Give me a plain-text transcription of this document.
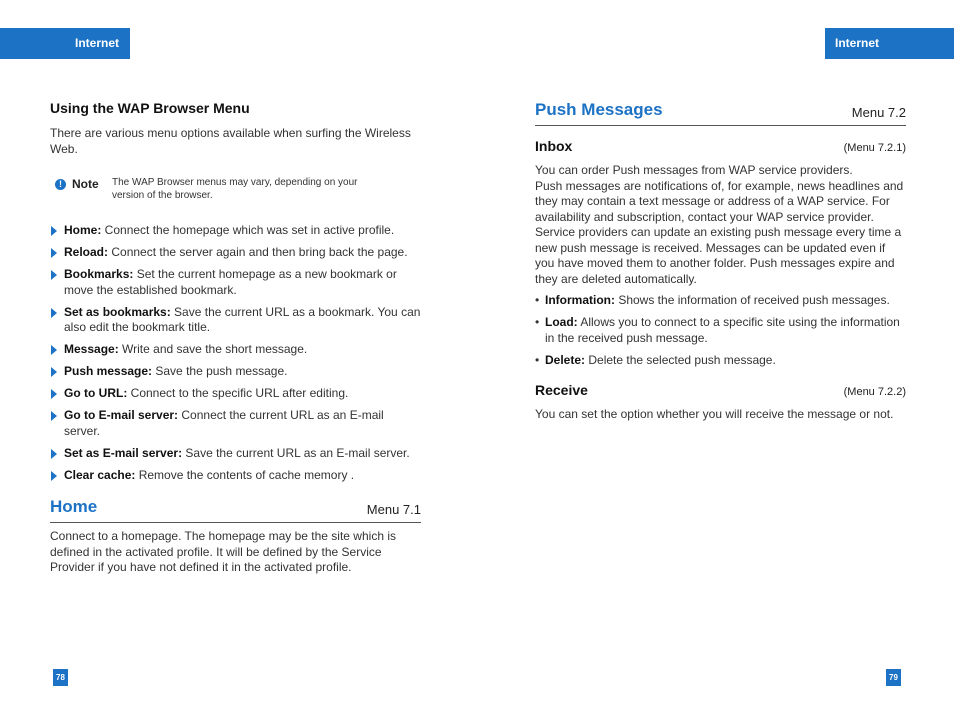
Internet	Internet
Using the WAP Browser Menu

There are various menu options available when surfing the Wireless Web.

! Note	The WAP Browser menus may vary, depending on your version of the browser.
Home: Connect the homepage which was set in active profile.
Reload: Connect the server again and then bring back the page.
Bookmarks: Set the current homepage as a new bookmark or move the established bookmark.
Set as bookmarks: Save the current URL as a bookmark. You can also edit the bookmark title.
Message: Write and save the short message.
Push message: Save the push message.
Go to URL: Connect to the specific URL after editing.
Go to E-mail server: Connect the current URL as an E-mail server.
Set as E-mail server: Save the current URL as an E-mail server.
Clear cache: Remove the contents of cache memory .
Home	Menu 7.1

Connect to a homepage. The homepage may be the site which is defined in the activated profile. It will be defined by the Service Provider if you have not defined it in the activated profile.

Push Messages	Menu 7.2
Inbox	(Menu 7.2.1)

You can order Push messages from WAP service providers.

Push messages are notifications of, for example, news headlines and they may contain a text message or address of a WAP service. For availability and subscription, contact your WAP service provider.

Service providers can update an existing push message every time a new push message is received. Messages can be updated even if you have moved them to another folder. Push messages expire and they are deleted automatically.

• Information: Shows the information of received push messages.
• Load: Allows you to connect to a specific site using the information in the received push message.
• Delete: Delete the selected push message.
Receive	(Menu 7.2.2)

You can set the option whether you will receive the message or not.

78	79
